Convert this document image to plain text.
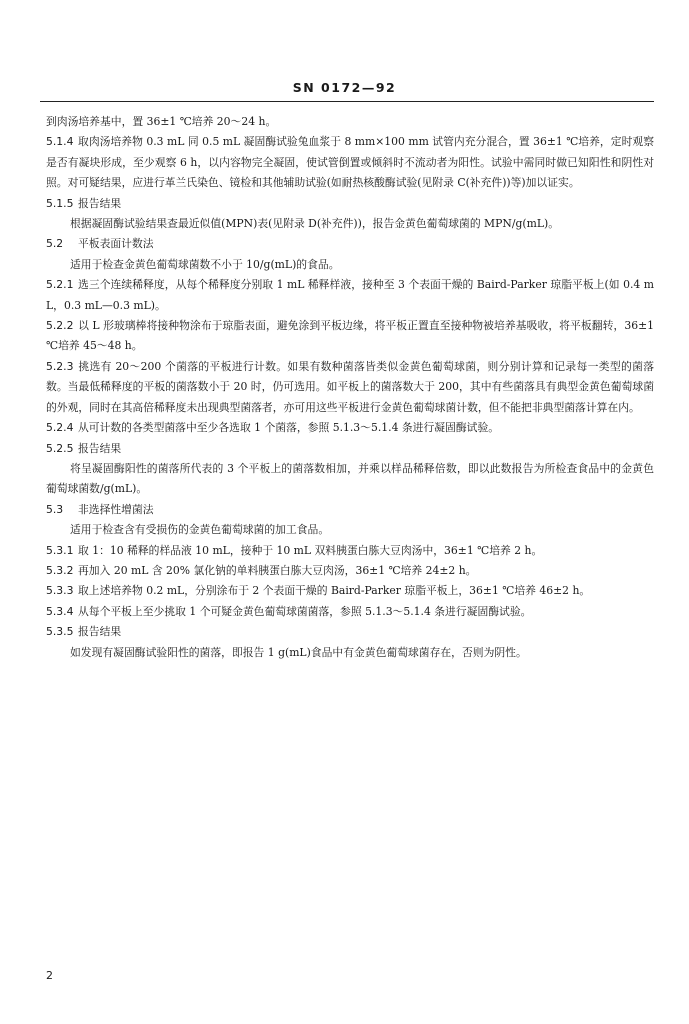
SN 0172—92

到肉汤培养基中，置 36±1 ℃培养 20～24 h。

5.1.4 取肉汤培养物 0.3 mL 同 0.5 mL 凝固酶试验兔血浆于 8 mm×100 mm 试管内充分混合，置 36±1 ℃培养，定时观察是否有凝块形成，至少观察 6 h，以内容物完全凝固，使试管倒置或倾斜时不流动者为阳性。试验中需同时做已知阳性和阴性对照。对可疑结果，应进行革兰氏染色、镜检和其他辅助试验(如耐热核酸酶试验(见附录 C(补充件))等)加以证实。

5.1.5 报告结果

根据凝固酶试验结果查最近似值(MPN)表(见附录 D(补充件))，报告金黄色葡萄球菌的 MPN/g(mL)。

5.2 平板表面计数法

适用于检查金黄色葡萄球菌数不小于 10/g(mL)的食品。

5.2.1 选三个连续稀释度，从每个稀释度分别取 1 mL 稀释样液，接种至 3 个表面干燥的 Baird-Parker 琼脂平板上(如 0.4 mL，0.3 mL—0.3 mL)。

5.2.2 以 L 形玻璃棒将接种物涂布于琼脂表面，避免涂到平板边缘，将平板正置直至接种物被培养基吸收，将平板翻转，36±1 ℃培养 45～48 h。

5.2.3 挑选有 20～200 个菌落的平板进行计数。如果有数种菌落皆类似金黄色葡萄球菌，则分别计算和记录每一类型的菌落数。当最低稀释度的平板的菌落数小于 20 时，仍可选用。如平板上的菌落数大于 200，其中有些菌落具有典型金黄色葡萄球菌的外观，同时在其高倍稀释度未出现典型菌落者，亦可用这些平板进行金黄色葡萄球菌计数，但不能把非典型菌落计算在内。

5.2.4 从可计数的各类型菌落中至少各选取 1 个菌落，参照 5.1.3～5.1.4 条进行凝固酶试验。

5.2.5 报告结果

将呈凝固酶阳性的菌落所代表的 3 个平板上的菌落数相加，并乘以样品稀释倍数，即以此数报告为所检查食品中的金黄色葡萄球菌数/g(mL)。

5.3 非选择性增菌法

适用于检查含有受损伤的金黄色葡萄球菌的加工食品。

5.3.1 取 1：10 稀释的样品液 10 mL，接种于 10 mL 双料胰蛋白胨大豆肉汤中，36±1 ℃培养 2 h。

5.3.2 再加入 20 mL 含 20% 氯化钠的单料胰蛋白胨大豆肉汤，36±1 ℃培养 24±2 h。

5.3.3 取上述培养物 0.2 mL，分别涂布于 2 个表面干燥的 Baird-Parker 琼脂平板上，36±1 ℃培养 46±2 h。

5.3.4 从每个平板上至少挑取 1 个可疑金黄色葡萄球菌菌落，参照 5.1.3～5.1.4 条进行凝固酶试验。

5.3.5 报告结果

如发现有凝固酶试验阳性的菌落，即报告 1 g(mL)食品中有金黄色葡萄球菌存在，否则为阴性。

2
